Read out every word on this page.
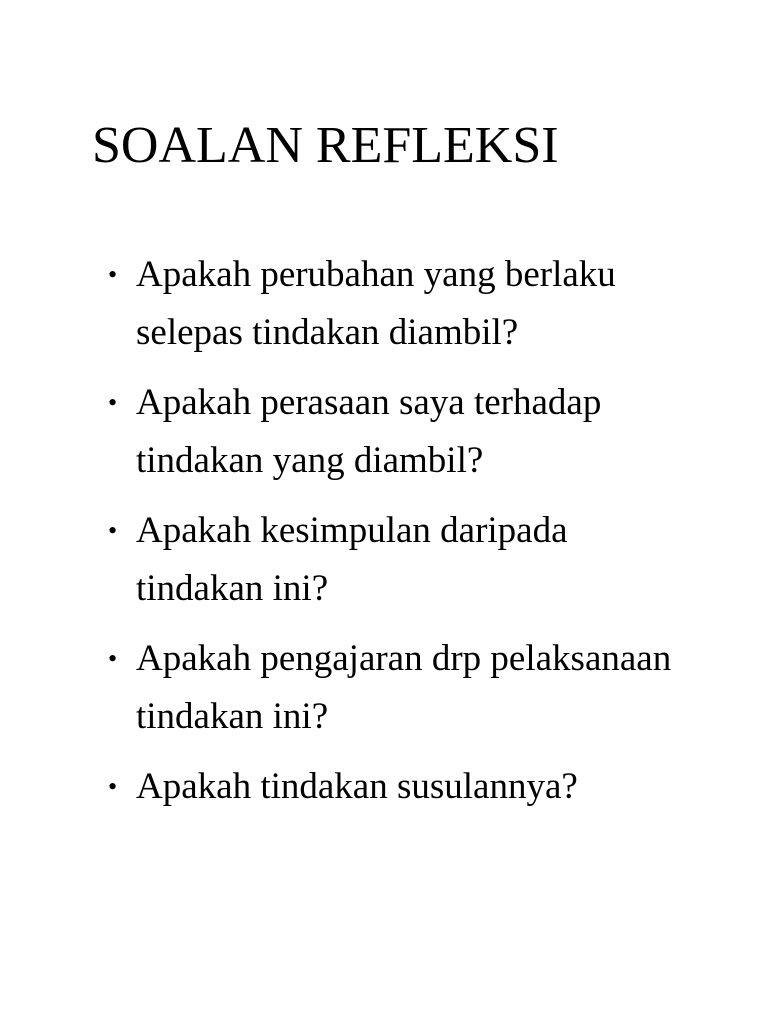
SOALAN REFLEKSI
• Apakah perubahan yang berlaku selepas tindakan diambil?
• Apakah perasaan saya terhadap tindakan yang diambil?
• Apakah kesimpulan daripada tindakan ini?
• Apakah pengajaran drp pelaksanaan tindakan ini?
• Apakah tindakan susulannya?
